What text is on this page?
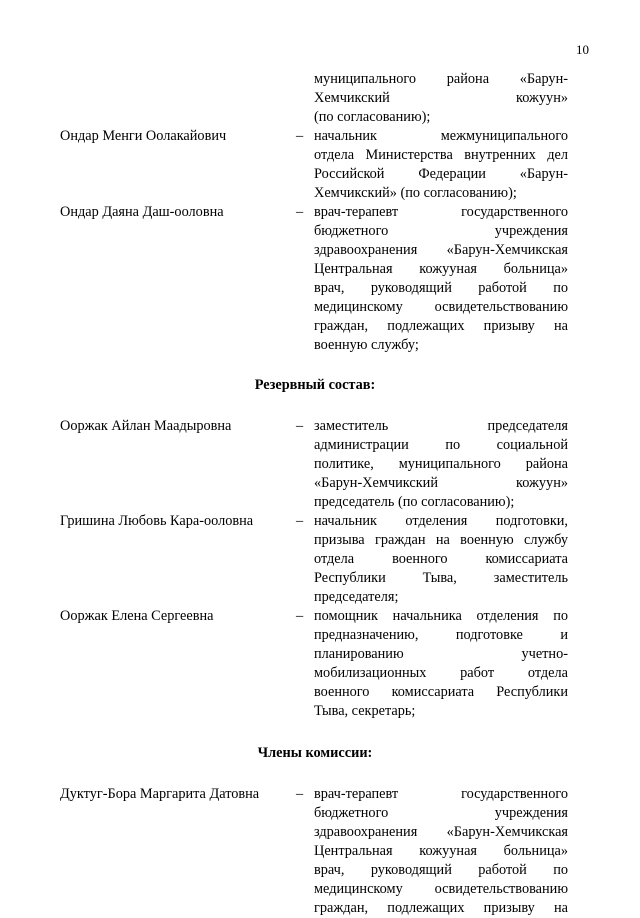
10
муниципального района «Барун-
Хемчикский кожуун»
(по согласованию);
Ондар Менги Оолакайович	– начальник межмуниципального
отдела Министерства внутренних дел
Российской Федерации «Барун-
Хемчикский» (по согласованию);
Ондар Даяна Даш-ооловна	– врач-терапевт государственного
бюджетного учреждения
здравоохранения «Барун-Хемчикская
Центральная кожууная больница»
врач, руководящий работой по
медицинскому освидетельствованию
граждан, подлежащих призыву на
военную службу;
Резервный состав:
Ооржак Айлан Маадыровна	– заместитель председателя
администрации по социальной
политике, муниципального района
«Барун-Хемчикский кожуун»
председатель (по согласованию);
Гришина Любовь Кара-ооловна	– начальник отделения подготовки,
призыва граждан на военную службу
отдела военного комиссариата
Республики Тыва, заместитель
председателя;
Ооржак Елена Сергеевна	– помощник начальника отделения по
предназначению, подготовке и
планированию учетно-
мобилизационных работ отдела
военного комиссариата Республики
Тыва, секретарь;
Члены комиссии:
Дуктуг-Бора Маргарита Датовна	– врач-терапевт государственного
бюджетного учреждения
здравоохранения «Барун-Хемчикская
Центральная кожууная больница»
врач, руководящий работой по
медицинскому освидетельствованию
граждан, подлежащих призыву на
